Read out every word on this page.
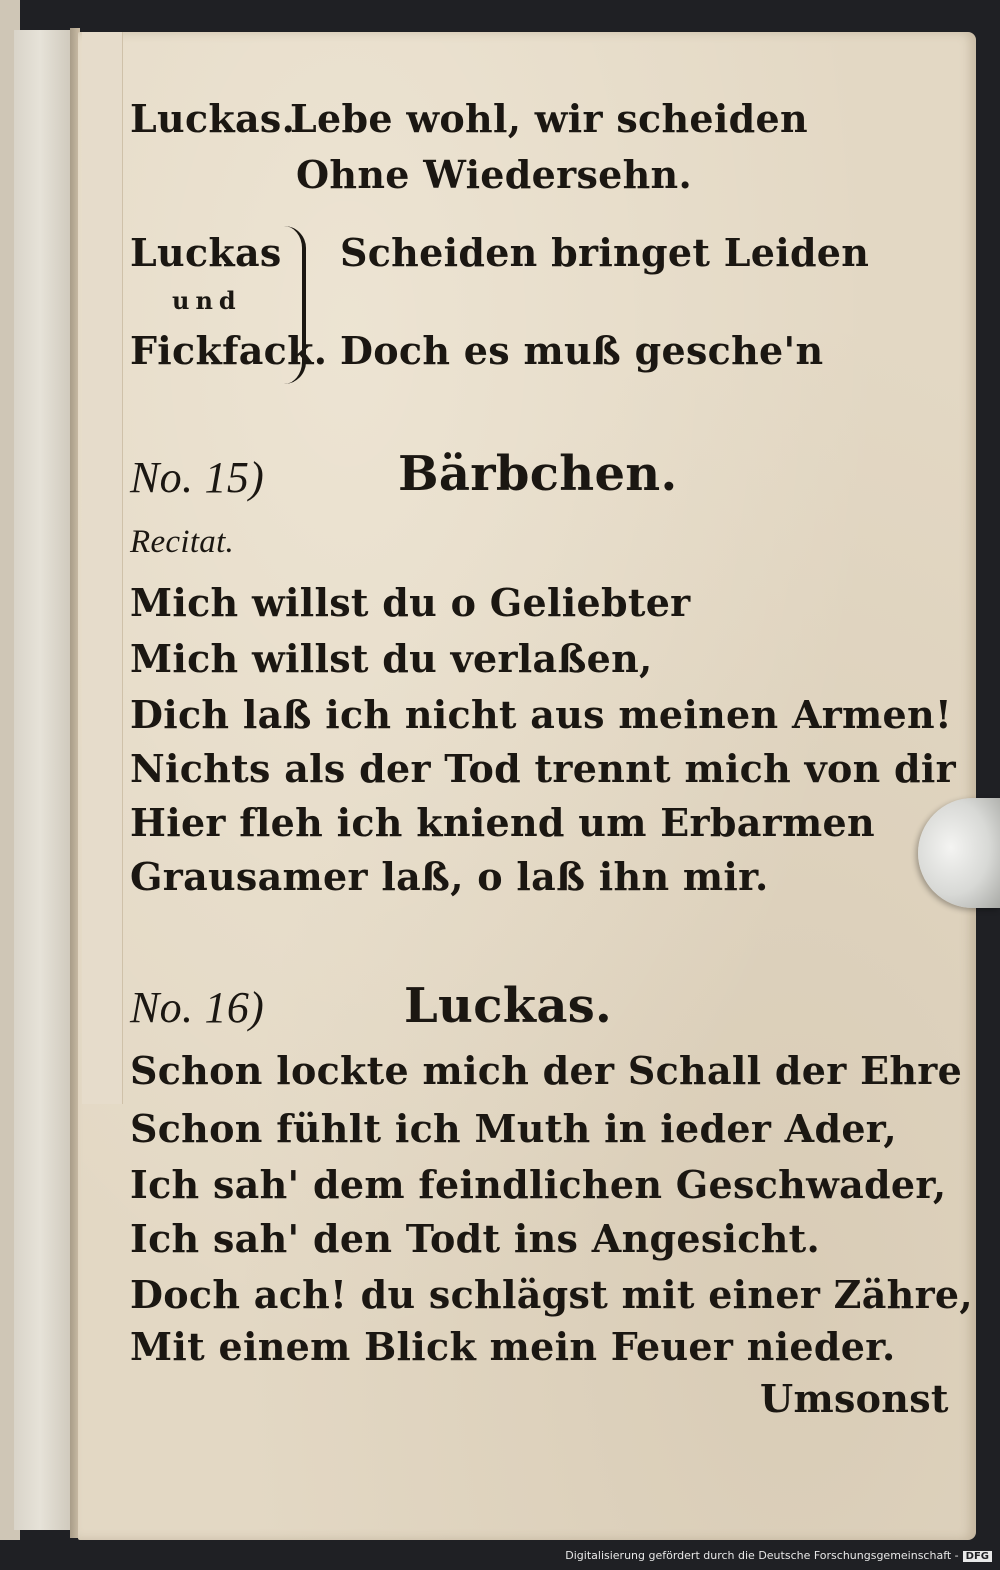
Luckas.
Lebe wohl, wir scheiden
Ohne Wiedersehn.
Luckas
und
Fickfack.
Scheiden bringet Leiden
Doch es muß gesche'n
No. 15)	Bärbchen.
Recitat.
Mich willst du o Geliebter
Mich willst du verlaßen,
Dich laß ich nicht aus meinen Armen!
Nichts als der Tod trennt mich von dir
Hier fleh ich kniend um Erbarmen
Grausamer laß, o laß ihn mir.
No. 16)	Luckas.
Schon lockte mich der Schall der Ehre
Schon fühlt ich Muth in ieder Ader,
Ich sah' dem feindlichen Geschwader,
Ich sah' den Todt ins Angesicht.
Doch ach! du schlägst mit einer Zähre,
Mit einem Blick mein Feuer nieder.
Umsonst
Digitalisierung gefördert durch die Deutsche Forschungsgemeinschaft - DFG
